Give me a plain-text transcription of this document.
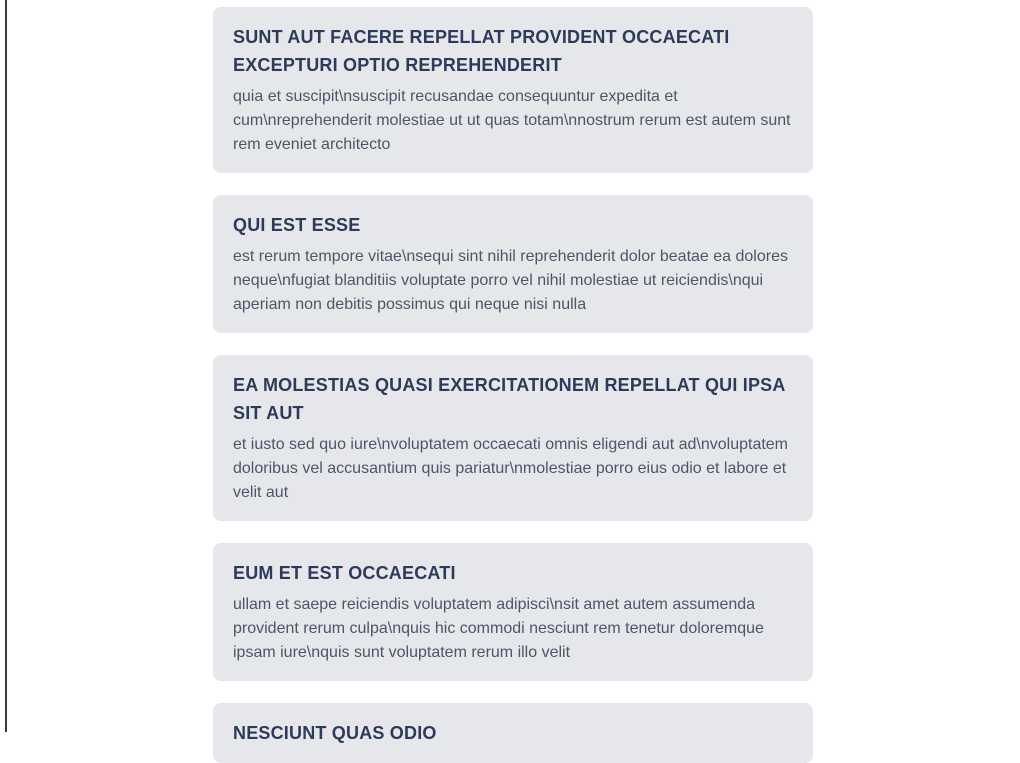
SUNT AUT FACERE REPELLAT PROVIDENT OCCAECATI EXCEPTURI OPTIO REPREHENDERIT

quia et suscipit\nsuscipit recusandae consequuntur expedita et cum\nreprehenderit molestiae ut ut quas totam\nnostrum rerum est autem sunt rem eveniet architecto

QUI EST ESSE

est rerum tempore vitae\nsequi sint nihil reprehenderit dolor beatae ea dolores neque\nfugiat blanditiis voluptate porro vel nihil molestiae ut reiciendis\nqui aperiam non debitis possimus qui neque nisi nulla

EA MOLESTIAS QUASI EXERCITATIONEM REPELLAT QUI IPSA SIT AUT

et iusto sed quo iure\nvoluptatem occaecati omnis eligendi aut ad\nvoluptatem doloribus vel accusantium quis pariatur\nmolestiae porro eius odio et labore et velit aut

EUM ET EST OCCAECATI

ullam et saepe reiciendis voluptatem adipisci\nsit amet autem assumenda provident rerum culpa\nquis hic commodi nesciunt rem tenetur doloremque ipsam iure\nquis sunt voluptatem rerum illo velit

NESCIUNT QUAS ODIO
